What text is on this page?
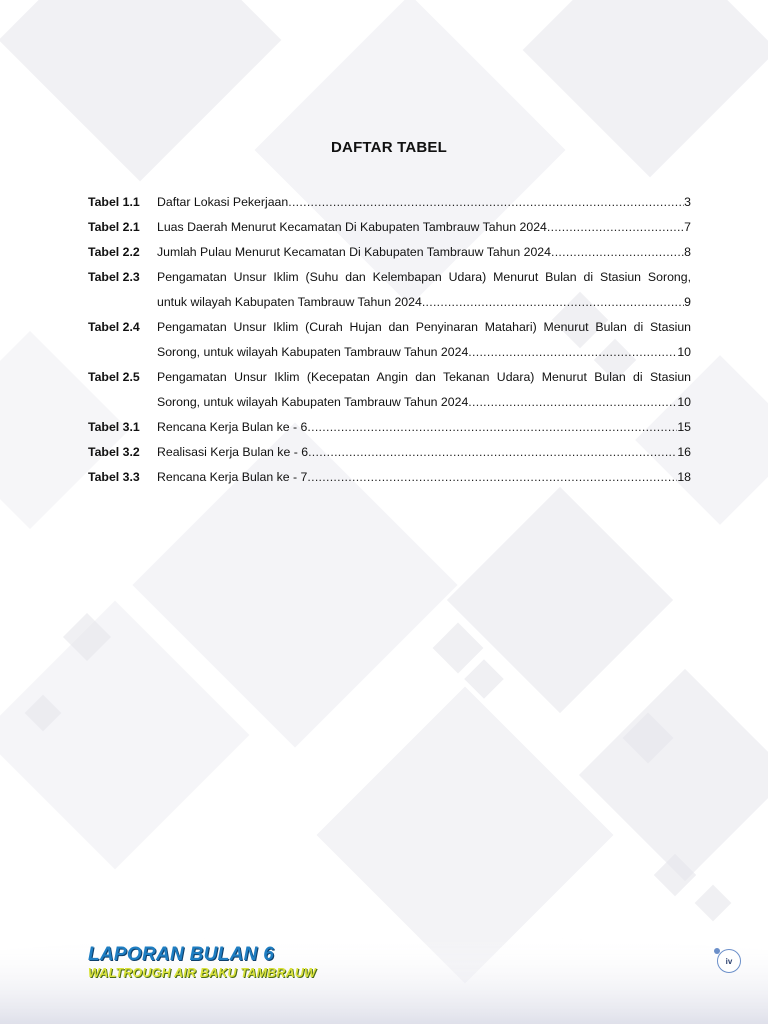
DAFTAR TABEL
Tabel 1.1	Daftar Lokasi Pekerjaan .....	3
Tabel 2.1	Luas Daerah Menurut Kecamatan Di Kabupaten Tambrauw Tahun 2024 .....	7
Tabel 2.2	Jumlah Pulau Menurut Kecamatan Di Kabupaten Tambrauw Tahun 2024 .....	8
Tabel 2.3	Pengamatan Unsur Iklim (Suhu dan Kelembapan Udara) Menurut Bulan di Stasiun Sorong,
untuk wilayah Kabupaten Tambrauw Tahun 2024 .....	9
Tabel 2.4	Pengamatan Unsur Iklim (Curah Hujan dan Penyinaran Matahari) Menurut Bulan di Stasiun
Sorong, untuk wilayah Kabupaten Tambrauw Tahun 2024 .....	10
Tabel 2.5	Pengamatan Unsur Iklim (Kecepatan Angin dan Tekanan Udara) Menurut Bulan di Stasiun
Sorong, untuk wilayah Kabupaten Tambrauw Tahun 2024 .....	10
Tabel 3.1	Rencana Kerja Bulan ke - 6 .....	15
Tabel 3.2	Realisasi Kerja Bulan ke - 6 .....	16
Tabel 3.3	Rencana Kerja Bulan ke - 7 .....	18
LAPORAN BULAN 6
WALTROUGH AIR BAKU TAMBRAUW
iv
